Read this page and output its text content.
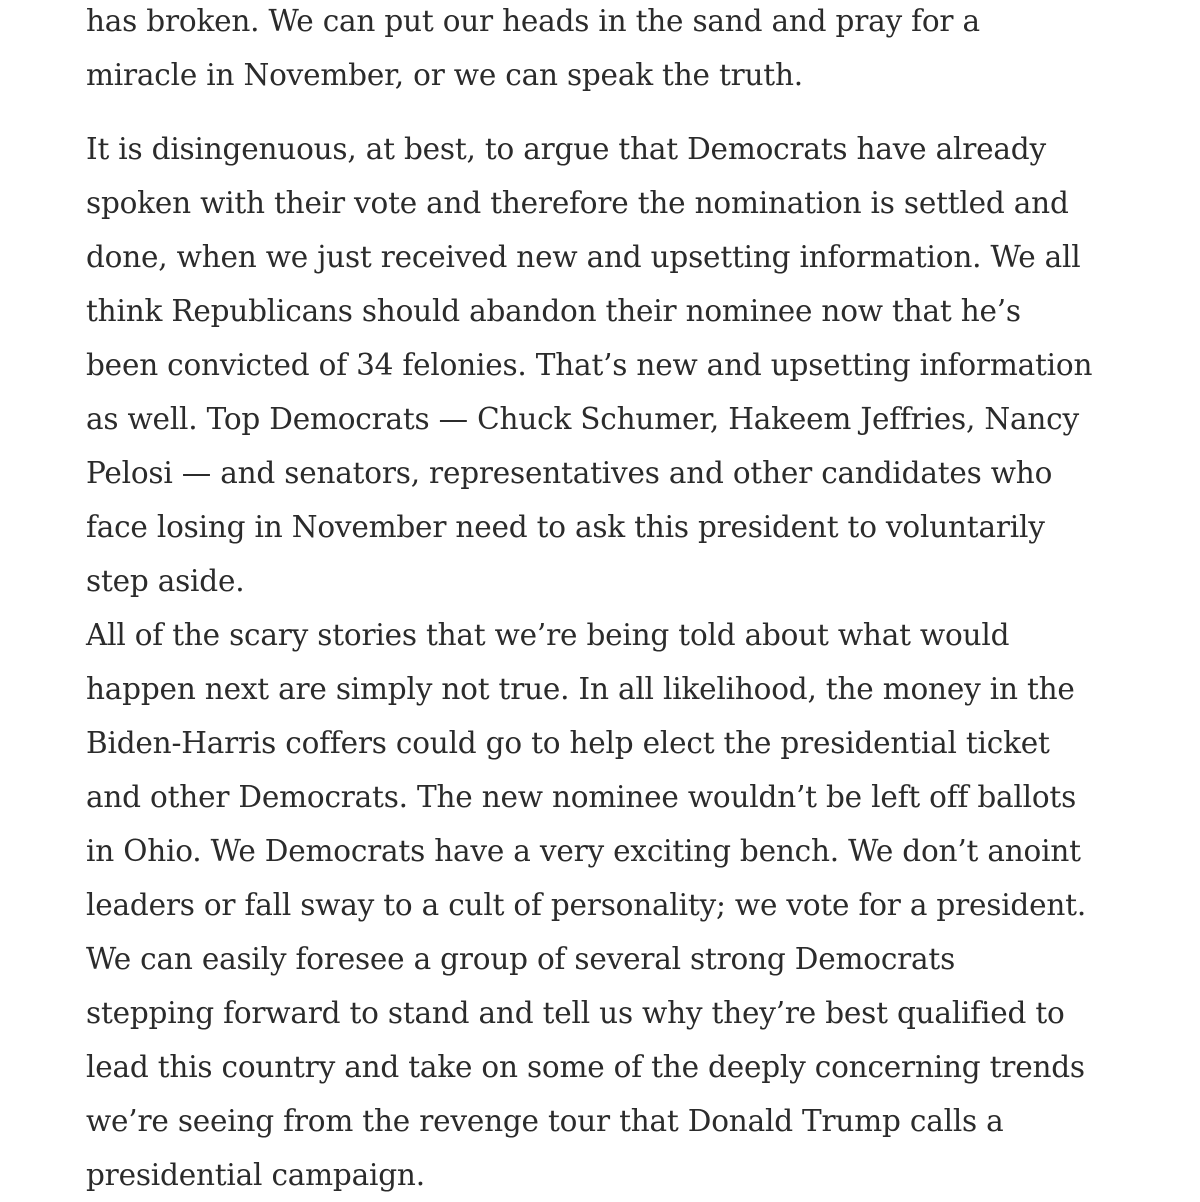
has broken. We can put our heads in the sand and pray for a
miracle in November, or we can speak the truth.

It is disingenuous, at best, to argue that Democrats have already
spoken with their vote and therefore the nomination is settled and
done, when we just received new and upsetting information. We all
think Republicans should abandon their nominee now that he’s
been convicted of 34 felonies. That’s new and upsetting information
as well. Top Democrats — Chuck Schumer, Hakeem Jeffries, Nancy
Pelosi — and senators, representatives and other candidates who
face losing in November need to ask this president to voluntarily
step aside.

All of the scary stories that we’re being told about what would
happen next are simply not true. In all likelihood, the money in the
Biden-Harris coffers could go to help elect the presidential ticket
and other Democrats. The new nominee wouldn’t be left off ballots
in Ohio. We Democrats have a very exciting bench. We don’t anoint
leaders or fall sway to a cult of personality; we vote for a president.
We can easily foresee a group of several strong Democrats
stepping forward to stand and tell us why they’re best qualified to
lead this country and take on some of the deeply concerning trends
we’re seeing from the revenge tour that Donald Trump calls a
presidential campaign.
